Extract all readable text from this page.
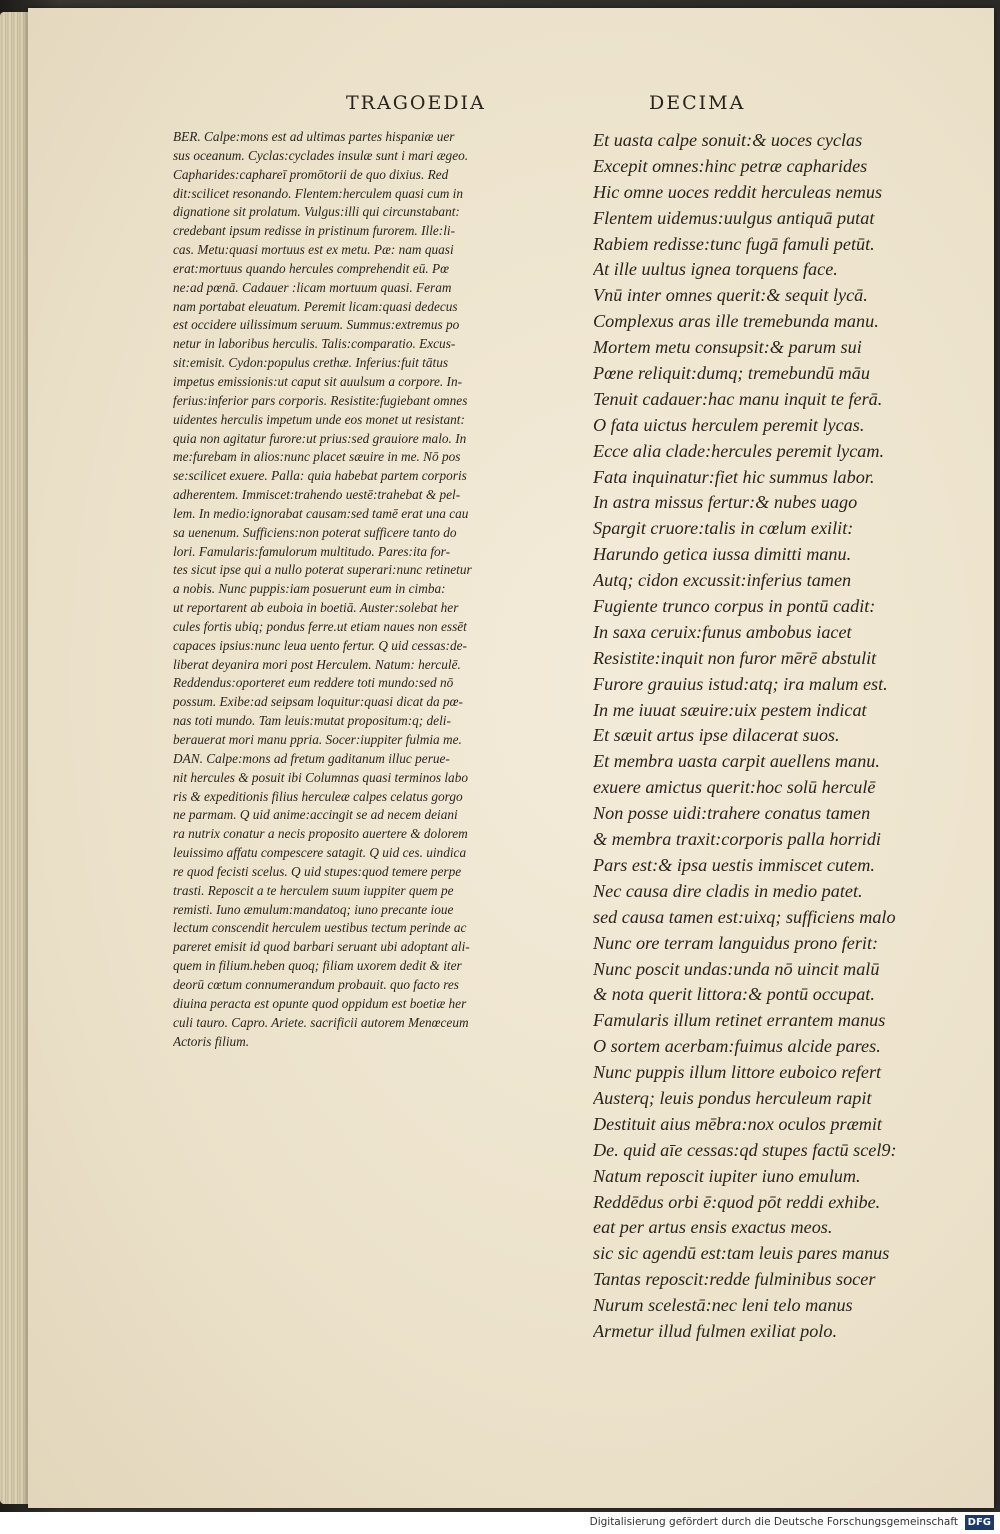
TRAGOEDIA	DECIMA
BER. Calpe:mons est ad ultimas partes hispaniæ uer
sus oceanum. Cyclas:cyclades insulæ sunt i mari ægeo.
Capharides:caphareī promōtorii de quo dixius. Red
dit:scilicet resonando. Flentem:herculem quasi cum in
dignatione sit prolatum. Vulgus:illi qui circunstabant:
credebant ipsum redisse in pristinum furorem. Ille:li-
cas. Metu:quasi mortuus est ex metu. Pæ: nam quasi
erat:mortuus quando hercules comprehendit eū. Pœ
ne:ad pœnā. Cadauer :licam mortuum quasi. Feram
nam portabat eleuatum. Peremit licam:quasi dedecus
est occidere uilissimum seruum. Summus:extremus po
netur in laboribus herculis. Talis:comparatio. Excus-
sit:emisit. Cydon:populus crethæ. Inferius:fuit tātus
impetus emissionis:ut caput sit auulsum a corpore. In-
ferius:inferior pars corporis. Resistite:fugiebant omnes
uidentes herculis impetum unde eos monet ut resistant:
quia non agitatur furore:ut prius:sed grauiore malo. In
me:furebam in alios:nunc placet sæuire in me. Nō pos
se:scilicet exuere. Palla: quia habebat partem corporis
adherentem. Immiscet:trahendo uestē:trahebat & pel-
lem. In medio:ignorabat causam:sed tamē erat una cau
sa uenenum. Sufficiens:non poterat sufficere tanto do
lori. Famularis:famulorum multitudo. Pares:ita for-
tes sicut ipse qui a nullo poterat superari:nunc retinetur
a nobis. Nunc puppis:iam posuerunt eum in cimba:
ut reportarent ab euboia in boetiā. Auster:solebat her
cules fortis ubiq; pondus ferre.ut etiam naues non essēt
capaces ipsius:nunc leua uento fertur. Q uid cessas:de-
liberat deyanira mori post Herculem. Natum: herculē.
Reddendus:oporteret eum reddere toti mundo:sed nō
possum. Exibe:ad seipsam loquitur:quasi dicat da pœ-
nas toti mundo. Tam leuis:mutat propositum:q; deli-
berauerat mori manu ppria. Socer:iuppiter fulmia me.
DAN. Calpe:mons ad fretum gaditanum illuc perue-
nit hercules & posuit ibi Columnas quasi terminos labo
ris & expeditionis filius herculeæ calpes celatus gorgo
ne parmam. Q uid anime:accingit se ad necem deiani
ra nutrix conatur a necis proposito auertere & dolorem
leuissimo affatu compescere satagit. Q uid ces. uindica
re quod fecisti scelus. Q uid stupes:quod temere perpe
trasti. Reposcit a te herculem suum iuppiter quem pe
remisti. Iuno æmulum:mandatoq; iuno precante ioue
lectum conscendit herculem uestibus tectum perinde ac
pareret emisit id quod barbari seruant ubi adoptant ali-
quem in filium.heben quoq; filiam uxorem dedit & iter
deorū cœtum connumerandum probauit. quo facto res
diuina peracta est opunte quod oppidum est boetiæ her
culi tauro. Capro. Ariete. sacrificii autorem Menœceum
Actoris filium.
Et uasta calpe sonuit:& uoces cyclas
Excepit omnes:hinc petræ capharides
Hic omne uoces reddit herculeas nemus
Flentem uidemus:uulgus antiquā putat
Rabiem redisse:tunc fugā famuli petūt.
At ille uultus ignea torquens face.
Vnū inter omnes querit:& sequit lycā.
Complexus aras ille tremebunda manu.
Mortem metu consupsit:& parum sui
Pœne reliquit:dumq; tremebundū māu
Tenuit cadauer:hac manu inquit te ferā.
O fata uictus herculem peremit lycas.
Ecce alia clade:hercules peremit lycam.
Fata inquinatur:fiet hic summus labor.
In astra missus fertur:& nubes uago
Spargit cruore:talis in cœlum exilit:
Harundo getica iussa dimitti manu.
Autq; cidon excussit:inferius tamen
Fugiente trunco corpus in pontū cadit:
In saxa ceruix:funus ambobus iacet
Resistite:inquit non furor mērē abstulit
Furore grauius istud:atq; ira malum est.
In me iuuat sæuire:uix pestem indicat
Et sæuit artus ipse dilacerat suos.
Et membra uasta carpit auellens manu.
exuere amictus querit:hoc solū herculē
Non posse uidi:trahere conatus tamen
& membra traxit:corporis palla horridi
Pars est:& ipsa uestis immiscet cutem.
Nec causa dire cladis in medio patet.
sed causa tamen est:uixq; sufficiens malo
Nunc ore terram languidus prono ferit:
Nunc poscit undas:unda nō uincit malū
& nota querit littora:& pontū occupat.
Famularis illum retinet errantem manus
O sortem acerbam:fuimus alcide pares.
Nunc puppis illum littore euboico refert
Austerq; leuis pondus herculeum rapit
Destituit aius mēbra:nox oculos præmit
De. quid aīe cessas:qd stupes factū scel9:
Natum reposcit iupiter iuno emulum.
Reddēdus orbi ē:quod pōt reddi exhibe.
eat per artus ensis exactus meos.
sic sic agendū est:tam leuis pares manus
Tantas reposcit:redde fulminibus socer
Nurum scelestā:nec leni telo manus
Armetur illud fulmen exiliat polo.
Digitalisierung gefördert durch die Deutsche Forschungsgemeinschaft DFG
